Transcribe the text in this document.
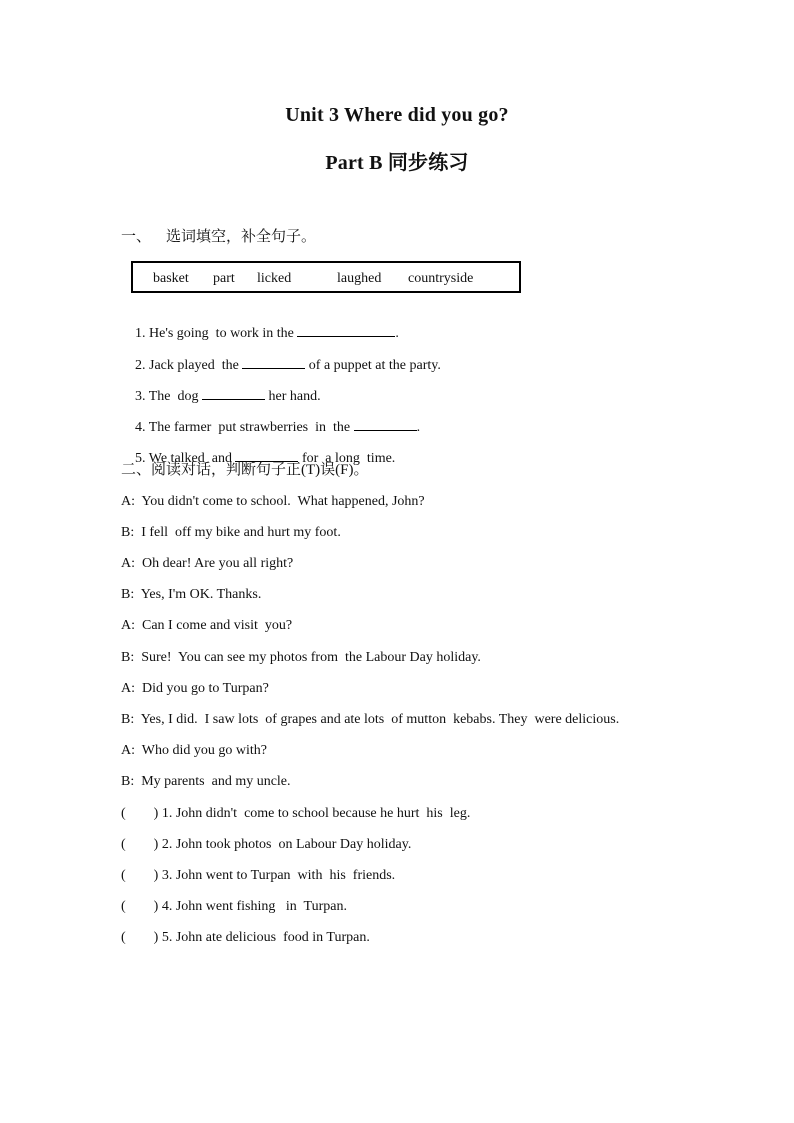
Unit 3 Where did you go?
Part B 同步练习
一、    选词填空，补全句子。
basket part licked	laughed countryside

1. He's going  to work in the	.

2. Jack played  the	of a puppet at the party.

3. The  dog	her hand.

4. The farmer  put strawberries  in  the	.

5. We talked  and	for  a long  time.

二、阅读对话，判断句子正(T)误(F)。
A:  You didn't come to school.  What happened, John?
B:  I fell  off my bike and hurt my foot.
A:  Oh dear! Are you all right?
B:  Yes, I'm OK. Thanks.
A:  Can I come and visit  you?
B:  Sure!  You can see my photos from  the Labour Day holiday.
A:  Did you go to Turpan?
B:  Yes, I did.  I saw lots  of grapes and ate lots  of mutton  kebabs. They  were delicious.
A:  Who did you go with?
B:  My parents  and my uncle.
(        ) 1. John didn't  come to school because he hurt  his  leg.
(        ) 2. John took photos  on Labour Day holiday.
(        ) 3. John went to Turpan  with  his  friends.
(        ) 4. John went fishing   in  Turpan.
(        ) 5. John ate delicious  food in Turpan.
